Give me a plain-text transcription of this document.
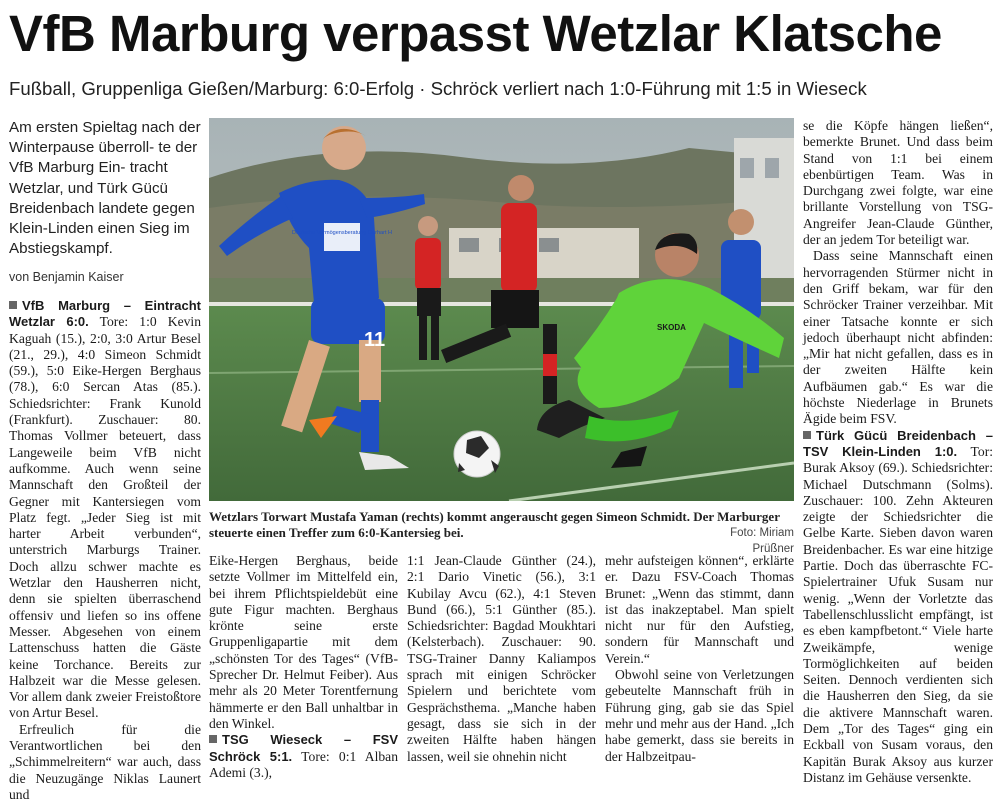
VfB Marburg verpasst Wetzlar Klatsche
Fußball, Gruppenliga Gießen/Marburg: 6:0-Erfolg · Schröck verliert nach 1:0-Führung mit 1:5 in Wieseck
Am ersten Spieltag nach der Winterpause überroll- te der VfB Marburg Ein- tracht Wetzlar, und Türk Gücü Breidenbach landete gegen Klein-Linden einen Sieg im Abstiegskampf.
von Benjamin Kaiser

VfB Marburg – Eintracht Wetzlar 6:0. Tore: 1:0 Kevin Kaguah (15.), 2:0, 3:0 Artur Besel (21., 29.), 4:0 Simeon Schmidt (59.), 5:0 Eike-Hergen Berghaus (78.), 6:0 Sercan Atas (85.). Schiedsrichter: Frank Kunold (Frankfurt). Zuschauer: 80. Thomas Vollmer beteuert, dass Langeweile beim VfB nicht aufkomme. Auch wenn seine Mannschaft den Großteil der Gegner mit Kantersiegen vom Platz fegt. „Jeder Sieg ist mit harter Arbeit verbunden“, unterstrich Marburgs Trainer. Doch allzu schwer machte es Wetzlar den Hausherren nicht, denn sie spielten überraschend offensiv und liefen so ins offene Messer. Abgesehen von einem Lattenschuss hatten die Gäste keine Torchance. Bereits zur Halbzeit war die Messe gelesen. Vor allem dank zweier Freistoßtore von Artur Besel.

Erfreulich für die Verantwortlichen bei den „Schimmelreitern“ war auch, dass die Neuzugänge Niklas Launert und

Deutsche Vermögensberatung Gerhart H
11
SKODA
Wetzlars Torwart Mustafa Yaman (rechts) kommt angerauscht gegen Simeon Schmidt. Der Marburger steuerte einen Treffer zum 6:0-Kantersieg bei.	Foto: Miriam Prüßner

Eike-Hergen Berghaus, beide setzte Vollmer im Mittelfeld ein, bei ihrem Pflichtspieldebüt eine gute Figur machten. Berghaus krönte seine erste Gruppenligapartie mit dem „schönsten Tor des Tages“ (VfB-Sprecher Dr. Helmut Feiber). Aus mehr als 20 Meter Torentfernung hämmerte er den Ball unhaltbar in den Winkel.

TSG Wieseck – FSV Schröck 5:1. Tore: 0:1 Alban Ademi (3.),

1:1 Jean-Claude Günther (24.), 2:1 Dario Vinetic (56.), 3:1 Kubilay Avcu (62.), 4:1 Steven Bund (66.), 5:1 Günther (85.). Schiedsrichter: Bagdad Moukhtari (Kelsterbach). Zuschauer: 90. TSG-Trainer Danny Kaliampos sprach mit einigen Schröcker Spielern und berichtete vom Gesprächsthema. „Manche haben gesagt, dass sie sich in der zweiten Hälfte haben hängen lassen, weil sie ohnehin nicht

mehr aufsteigen können“, erklärte er. Dazu FSV-Coach Thomas Brunet: „Wenn das stimmt, dann ist das inakzeptabel. Man spielt nicht nur für den Aufstieg, sondern für Mannschaft und Verein.“

Obwohl seine von Verletzungen gebeutelte Mannschaft früh in Führung ging, gab sie das Spiel mehr und mehr aus der Hand. „Ich habe gemerkt, dass sie bereits in der Halbzeitpau-

se die Köpfe hängen ließen“, bemerkte Brunet. Und dass beim Stand von 1:1 bei einem ebenbürtigen Team. Was in Durchgang zwei folgte, war eine brillante Vorstellung von TSG-Angreifer Jean-Claude Günther, der an jedem Tor beteiligt war.

Dass seine Mannschaft einen hervorragenden Stürmer nicht in den Griff bekam, war für den Schröcker Trainer verzeihbar. Mit einer Tatsache konnte er sich jedoch überhaupt nicht abfinden: „Mir hat nicht gefallen, dass es in der zweiten Hälfte kein Aufbäumen gab.“ Es war die höchste Niederlage in Brunets Ägide beim FSV.

Türk Gücü Breidenbach – TSV Klein-Linden 1:0. Tor: Burak Aksoy (69.). Schiedsrichter: Michael Dutschmann (Solms). Zuschauer: 100. Zehn Akteuren zeigte der Schiedsrichter die Gelbe Karte. Sieben davon waren Breidenbacher. Es war eine hitzige Partie. Doch das überraschte FC-Spielertrainer Ufuk Susam nur wenig. „Wenn der Vorletzte das Tabellenschlusslicht empfängt, ist es eben kampfbetont.“ Viele harte Zweikämpfe, wenige Tormöglichkeiten auf beiden Seiten. Dennoch verdienten sich die Hausherren den Sieg, da sie die aktivere Mannschaft waren. Dem „Tor des Tages“ ging ein Eckball von Susam voraus, den Kapitän Burak Aksoy aus kurzer Distanz im Gehäuse versenkte.
